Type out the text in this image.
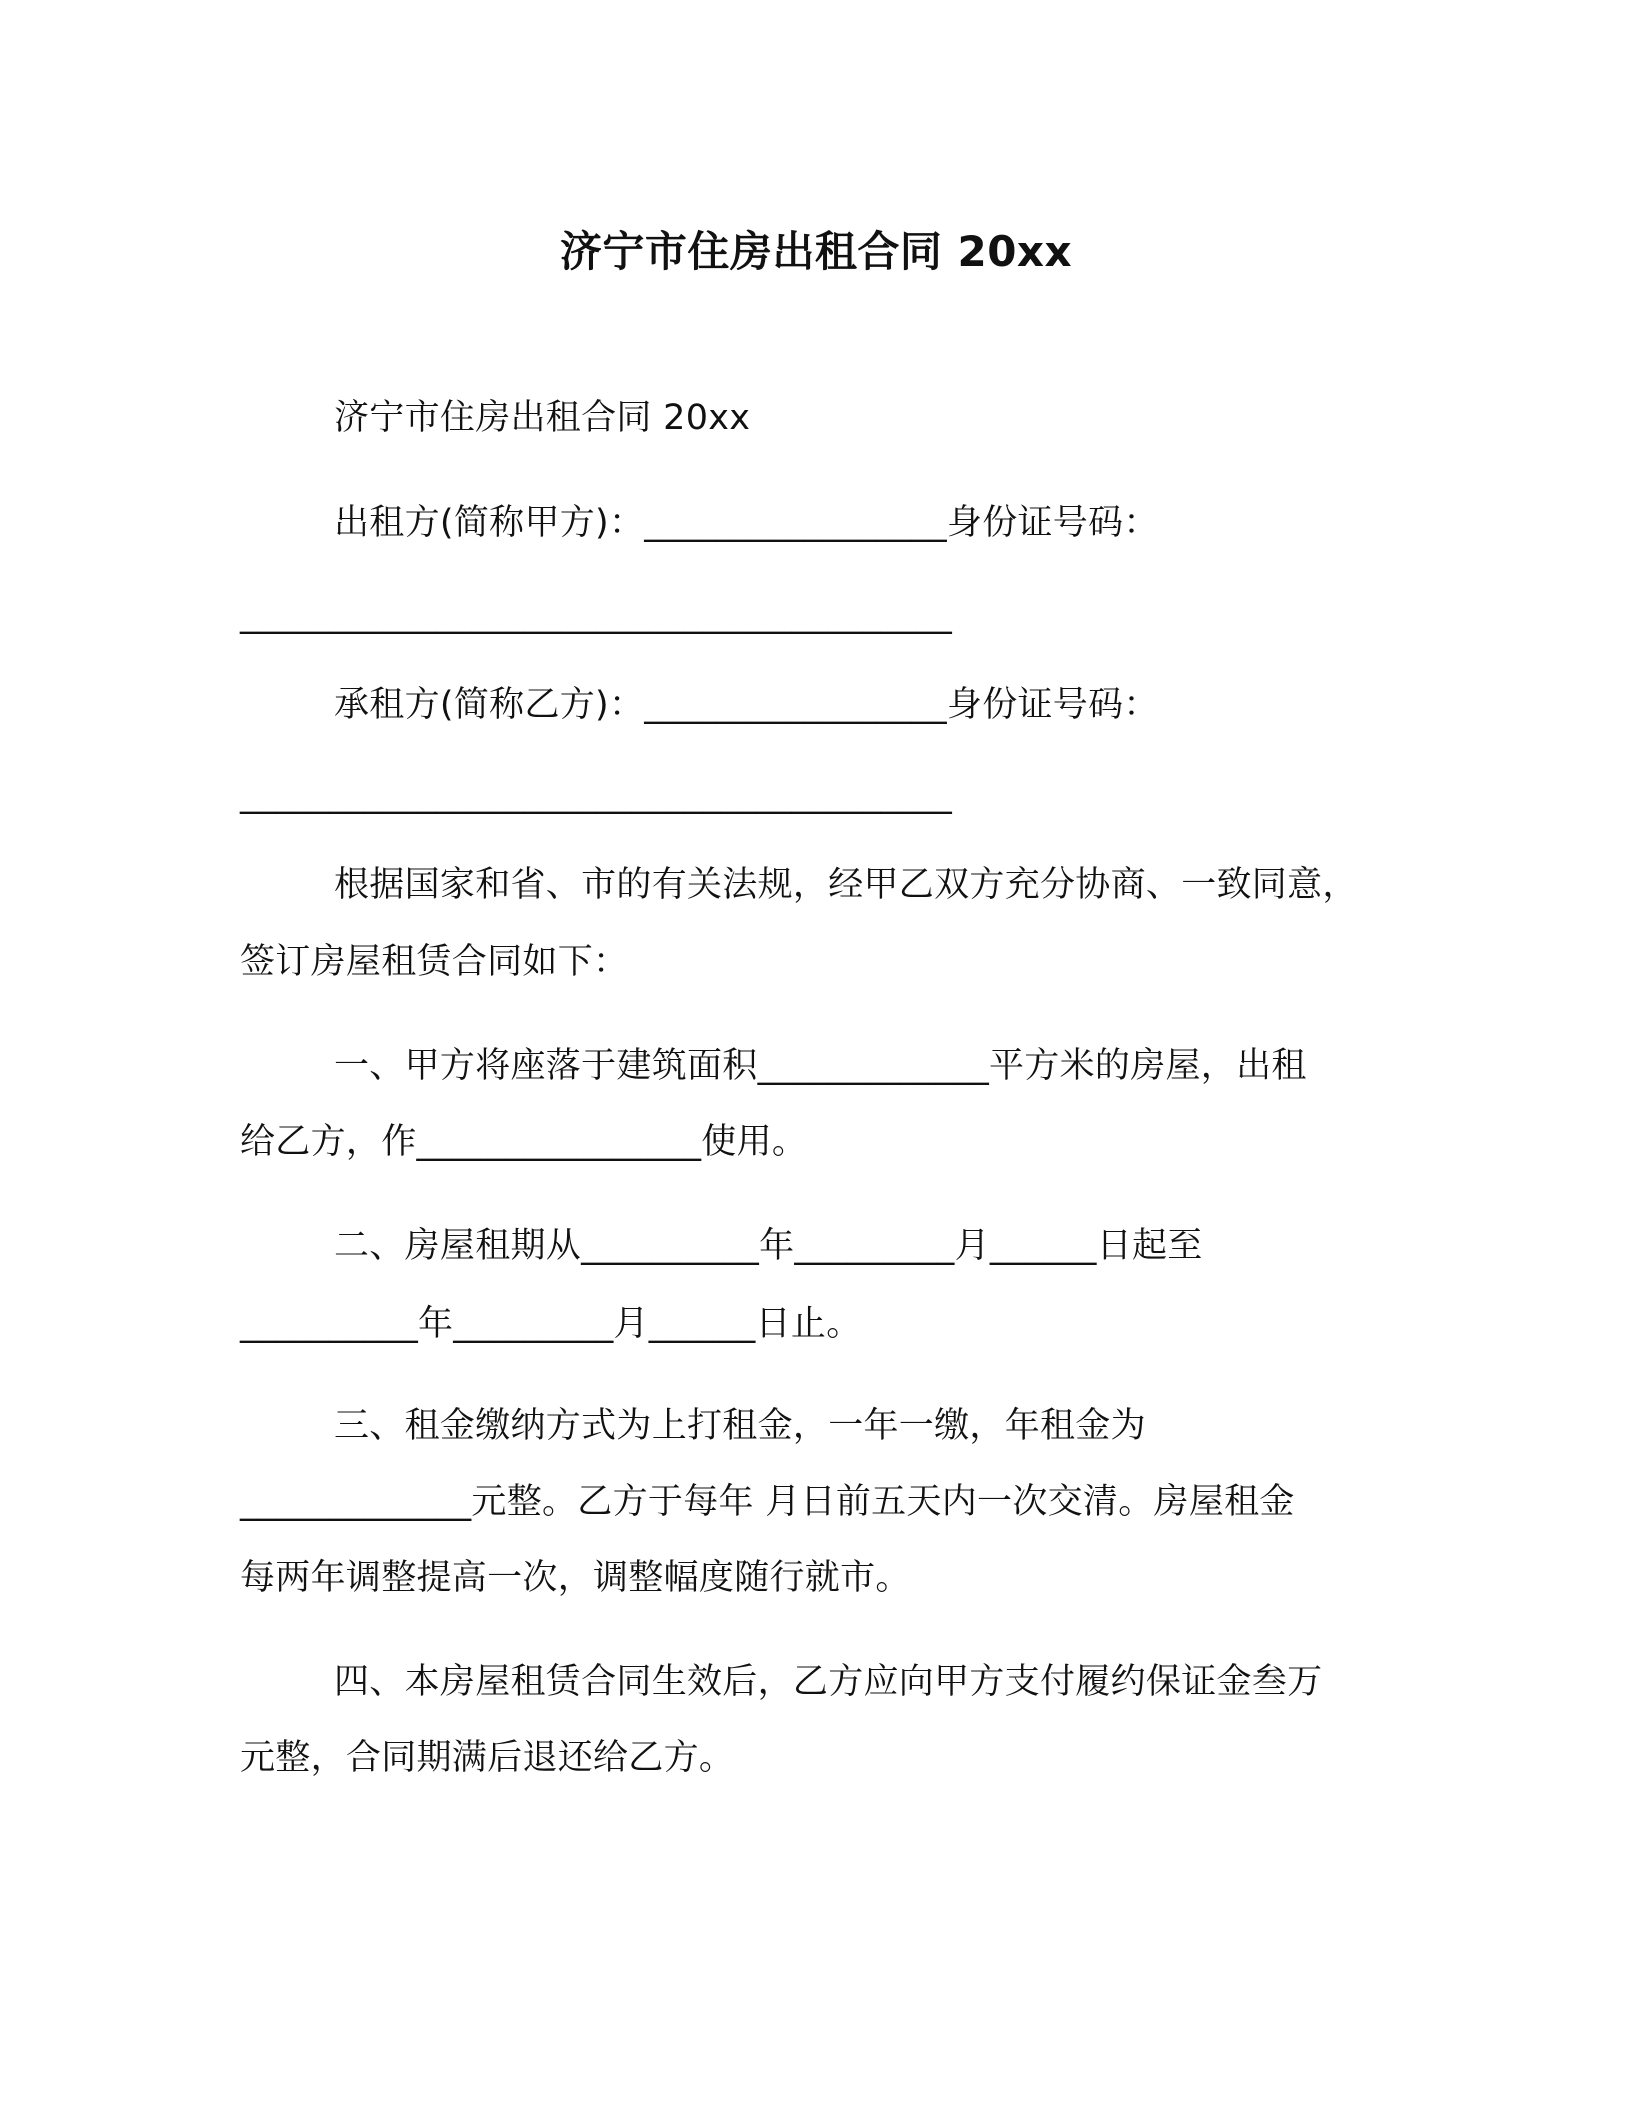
济宁市住房出租合同 20xx
济宁市住房出租合同 20xx
出租方(简称甲方)：_________________身份证号码：
________________________________________
承租方(简称乙方)：_________________身份证号码：
________________________________________
根据国家和省、市的有关法规，经甲乙双方充分协商、一致同意，
签订房屋租赁合同如下：
一、甲方将座落于建筑面积_____________平方米的房屋，出租
给乙方，作________________使用。
二、房屋租期从__________年_________月______日起至
__________年_________月______日止。
三、租金缴纳方式为上打租金，一年一缴，年租金为
_____________元整。乙方于每年 月日前五天内一次交清。房屋租金
每两年调整提高一次，调整幅度随行就市。
四、本房屋租赁合同生效后，乙方应向甲方支付履约保证金叁万
元整，合同期满后退还给乙方。
